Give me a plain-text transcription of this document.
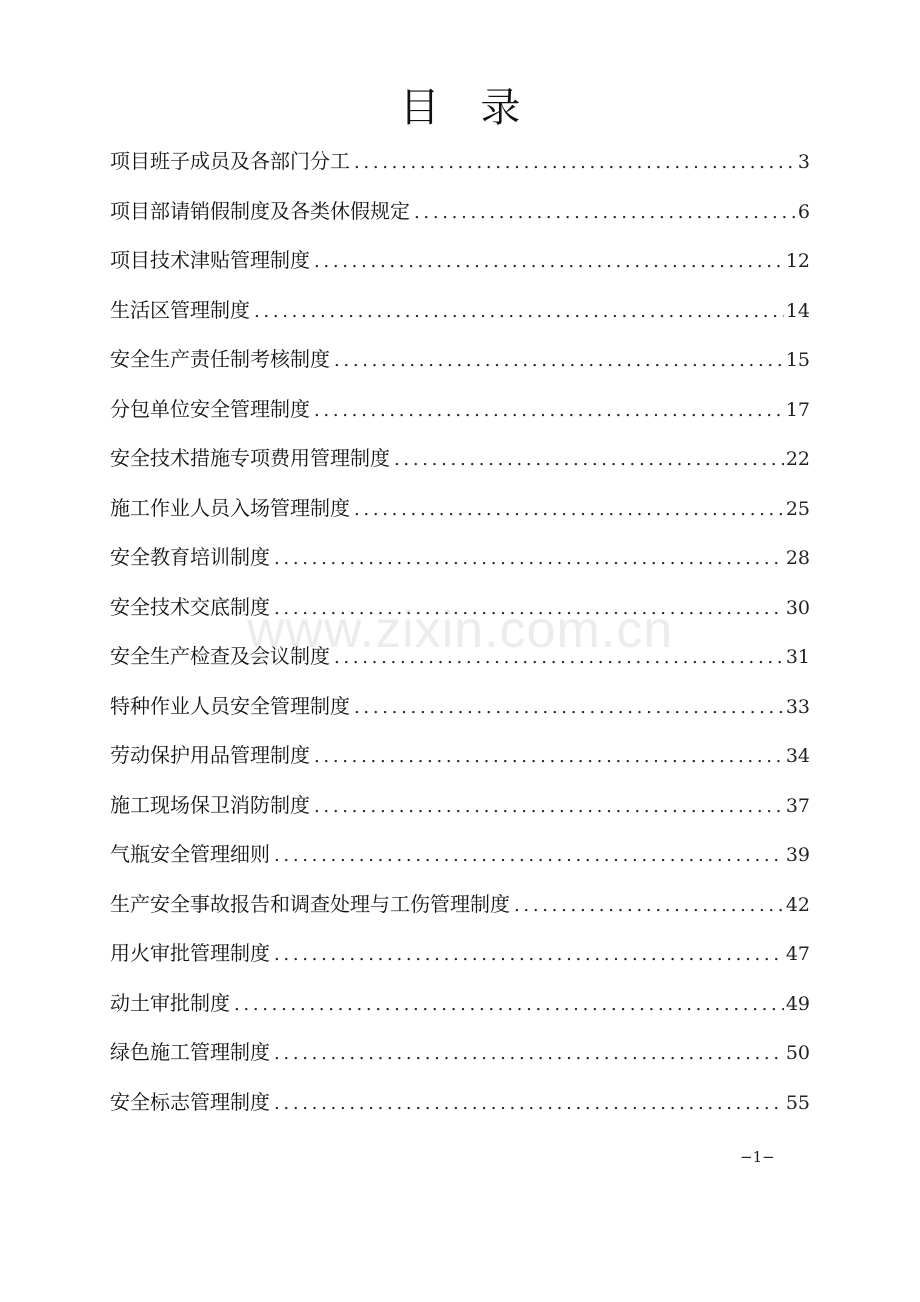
目 录
项目班子成员及各部门分工 .....	3
项目部请销假制度及各类休假规定 .....	6
项目技术津贴管理制度 .....	12
生活区管理制度 .....	14
安全生产责任制考核制度 .....	15
分包单位安全管理制度 .....	17
安全技术措施专项费用管理制度 .....	22
施工作业人员入场管理制度 .....	25
安全教育培训制度 .....	28
安全技术交底制度 .....	30
安全生产检查及会议制度 .....	31
特种作业人员安全管理制度 .....	33
劳动保护用品管理制度 .....	34
施工现场保卫消防制度 .....	37
气瓶安全管理细则 .....	39
生产安全事故报告和调查处理与工伤管理制度 .....	42
用火审批管理制度 .....	47
动土审批制度 .....	49
绿色施工管理制度 .....	50
安全标志管理制度 .....	55
www.zixin.com.cn
−1−
